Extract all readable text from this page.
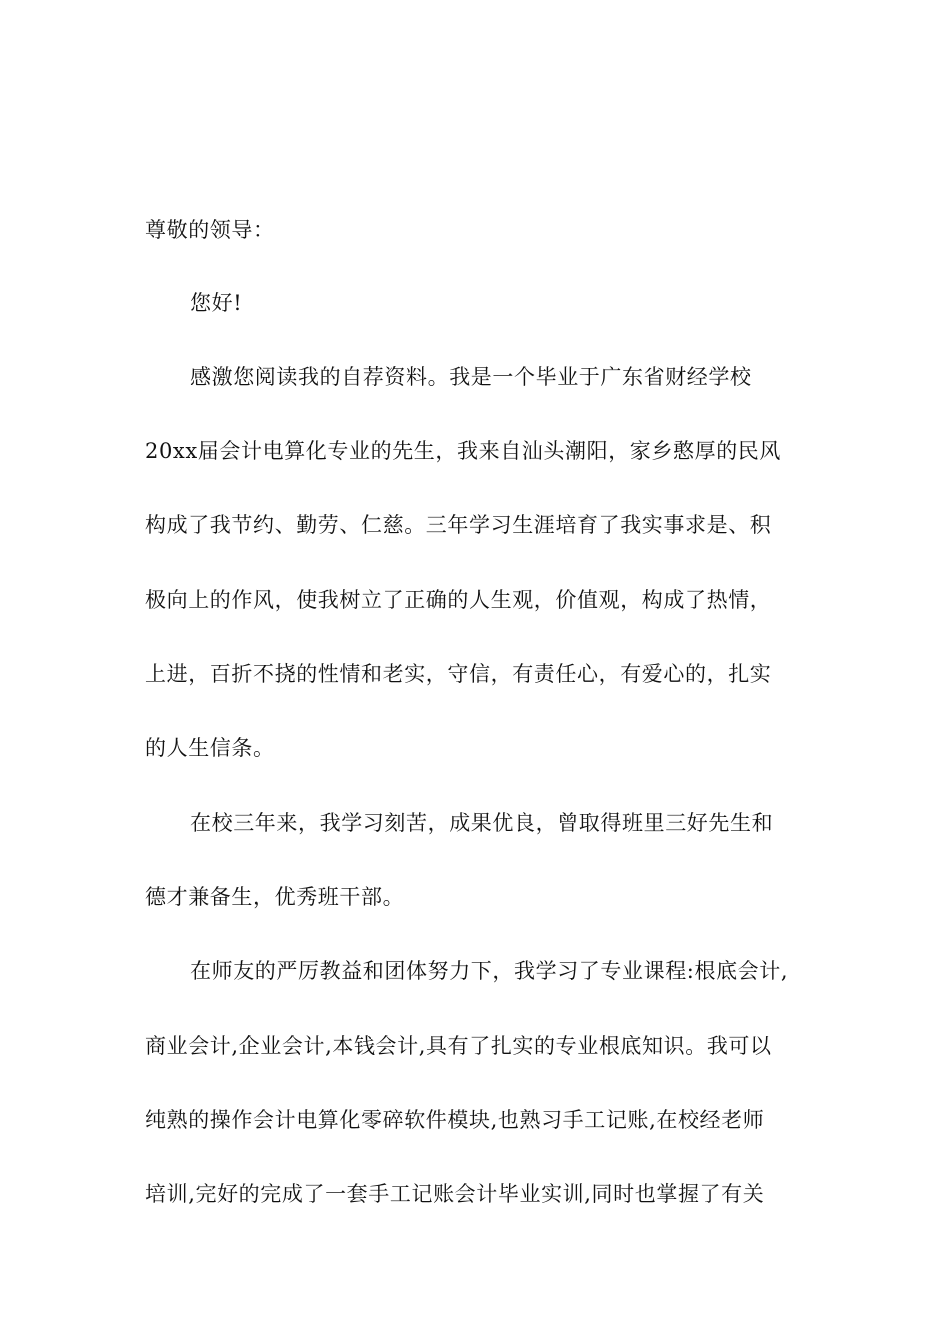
尊敬的领导：
您好!
感激您阅读我的自荐资料。我是一个毕业于广东省财经学校
20xx届会计电算化专业的先生，我来自汕头潮阳，家乡憨厚的民风
构成了我节约、勤劳、仁慈。三年学习生涯培育了我实事求是、积
极向上的作风，使我树立了正确的人生观，价值观，构成了热情，
上进，百折不挠的性情和老实，守信，有责任心，有爱心的，扎实
的人生信条。
在校三年来，我学习刻苦，成果优良，曾取得班里三好先生和
德才兼备生，优秀班干部。
在师友的严厉教益和团体努力下，我学习了专业课程:根底会计,
商业会计,企业会计,本钱会计,具有了扎实的专业根底知识。我可以
纯熟的操作会计电算化零碎软件模块,也熟习手工记账,在校经老师
培训,完好的完成了一套手工记账会计毕业实训,同时也掌握了有关
